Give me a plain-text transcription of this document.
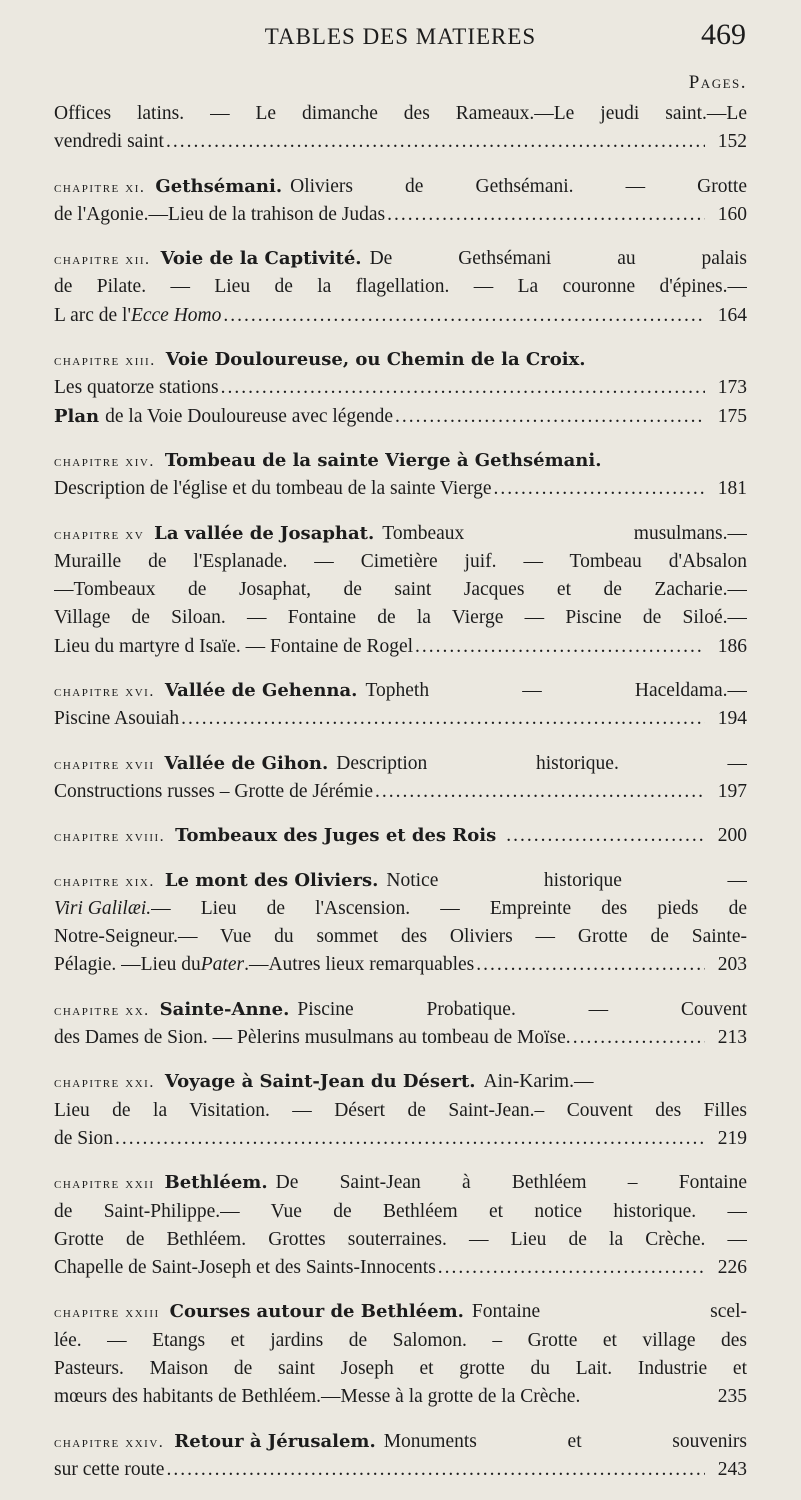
TABLES DES MATIERES	469
Pages.
Offices latins. — Le dimanche des Rameaux.—Le jeudi saint.—Le
vendredi saint .....	152
chapitre xi. Gethsémani. Oliviers de Gethsémani. — Grotte
de l'Agonie.—Lieu de la trahison de Judas .....	160
chapitre xii. Voie de la Captivité. De Gethsémani au palais
de Pilate. — Lieu de la flagellation. — La couronne d'épines.—
L arc de l' Ecce Homo .....	164
chapitre xiii. Voie Douloureuse, ou Chemin de la Croix.
Les quatorze stations .....	173
Plan de la Voie Douloureuse avec légende .....	175
chapitre xiv. Tombeau de la sainte Vierge à Gethsémani.
Description de l'église et du tombeau de la sainte Vierge .....	181
chapitre xv La vallée de Josaphat. Tombeaux musulmans.—
Muraille de l'Esplanade. — Cimetière juif. — Tombeau d'Absalon
—Tombeaux de Josaphat, de saint Jacques et de Zacharie.—
Village de Siloan. — Fontaine de la Vierge — Piscine de Siloé.—
Lieu du martyre d Isaïe. — Fontaine de Rogel .....	186
chapitre xvi. Vallée de Gehenna. Topheth — Haceldama.—
Piscine Asouiah .....	194
chapitre xvii Vallée de Gihon. Description historique. —
Constructions russes – Grotte de Jérémie .....	197
chapitre xviii. Tombeaux des Juges et des Rois .....	200
chapitre xix. Le mont des Oliviers. Notice historique —
Viri Galilæi. — Lieu de l'Ascension. — Empreinte des pieds de
Notre-Seigneur.— Vue du sommet des Oliviers — Grotte de Sainte-
Pélagie. —Lieu du Pater .—Autres lieux remarquables .....	203
chapitre xx. Sainte-Anne. Piscine Probatique. — Couvent
des Dames de Sion. — Pèlerins musulmans au tombeau de Moïse. .....	213
chapitre xxi. Voyage à Saint-Jean du Désert. Ain-Karim.—
Lieu de la Visitation. — Désert de Saint-Jean.– Couvent des Filles
de Sion .....	219
chapitre xxii Bethléem. De Saint-Jean à Bethléem – Fontaine
de Saint-Philippe.— Vue de Bethléem et notice historique. —
Grotte de Bethléem. Grottes souterraines. — Lieu de la Crèche. —
Chapelle de Saint-Joseph et des Saints-Innocents .....	226
chapitre xxiii Courses autour de Bethléem. Fontaine scel-
lée. — Etangs et jardins de Salomon. – Grotte et village des
Pasteurs. Maison de saint Joseph et grotte du Lait. Industrie et
mœurs des habitants de Bethléem.—Messe à la grotte de la Crèche.	235
chapitre xxiv. Retour à Jérusalem. Monuments et souvenirs
sur cette route .....	243
